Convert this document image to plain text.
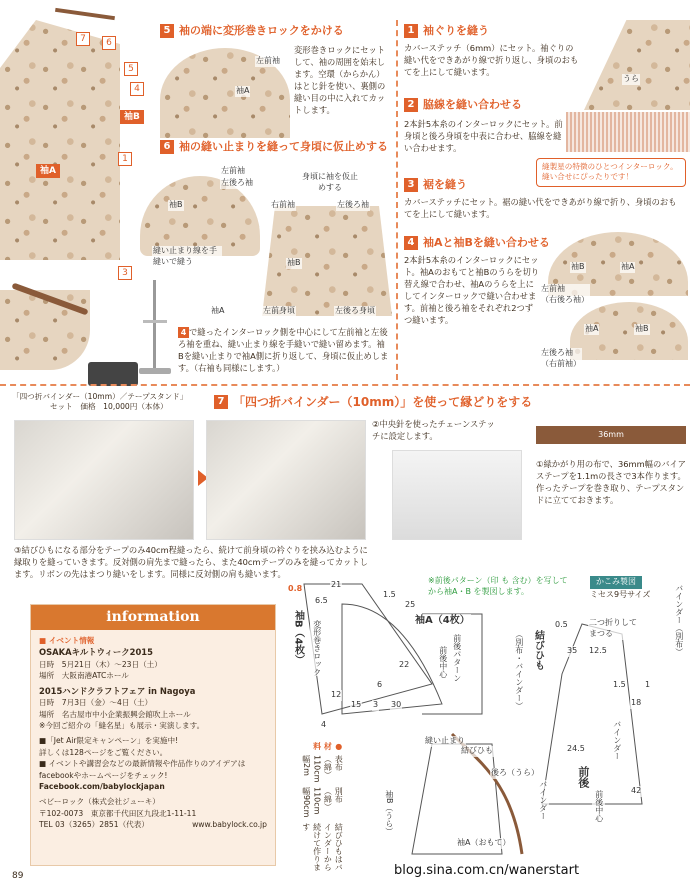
7	6
5
4
袖B
1
袖A
3
5 袖の端に変形巻きロックをかける
左前袖
袖A
変形巻きロックにセットして、袖の周囲を始末します。空環（からかん）はとじ針を使い、裏側の縫い目の中に入れてカットします。
6 袖の縫い止まりを縫って身頃に仮止めする
左前袖
左後ろ袖
袖B
縫い止まり線を手縫いで縫う
身頃に袖を仮止めする
右前袖	左後ろ袖
袖B
袖A	左前身頃	左後ろ身頃
「四つ折バインダー（10mm）／テープスタンド」
セット　価格　10,000円（本体）
4 で縫ったインターロック側を中心にして左前袖と左後ろ袖を重ね、縫い止まり線を手縫いで縫い留めます。袖Bを縫い止まりで袖A側に折り返して、身頃に仮止めします。（右袖も同様にします。）
1 袖ぐりを縫う
カバーステッチ（6mm）にセット。袖ぐりの縫い代をできあがり線で折り返し、身頃のおもてを上にして縫います。
うら
2 脇線を縫い合わせる
2本針5本糸のインターロックにセット。前身頃と後ろ身頃を中表に合わせ、脇線を縫い合わせます。
縫製星の特徴のひとつインターロック。縫い合せにぴったりです！
3 裾を縫う
カバーステッチにセット。裾の縫い代をできあがり線で折り、身頃のおもてを上にして縫います。
4 袖Aと袖Bを縫い合わせる
2本針5本糸のインターロックにセット。袖Aのおもてと袖Bのうらを切り替え線で合わせ、袖Aのうらを上にしてインターロックで縫い合わせます。前袖と後ろ袖をそれぞれ2つずつ縫います。
袖B	袖A
左前袖
（右後ろ袖）
袖A	袖B
左後ろ袖
（右前袖）
7 「四つ折バインダー（10mm）」を使って縁どりをする
②中央針を使ったチェーンステッチに設定します。	36mm
①緑かがり用の布で、36mm幅のバイアステープを1.1mの長さで3本作ります。作ったテープを巻き取り、テープスタンドに立てておきます。
③結びひもになる部分をテープのみ40cm程縫ったら、続けて前身頃の衿ぐりを挟み込むように縁取りを縫っていきます。反対側の肩先まで縫ったら、また40cmテープのみを縫ってカットします。リボンの先はまつり縫いをします。同様に反対側の肩も縫います。
information
■ イベント情報
OSAKAキルトウィーク2015
日時　5月21日（木）〜23日（土）
場所　大阪南港ATCホール
2015ハンドクラフトフェア in Nagoya
日時　7月3日（金）〜4日（土）
場所　名古屋市中小企業振興会館吹上ホール
※今回ご紹介の「縫名星」も展示・実演します。
■「Jet Air限定キャンペーン」を実施中!
詳しくは128ページをご覧ください。
■ イベントや講習会などの最新情報や作品作りのアイデアはfacebookやホームページをチェック!
Facebook.com/babylockjapan
ベビーロック（株式会社ジューキ）
〒102-0073　東京都千代田区九段北1-11-11
TEL 03（3265）2851（代表）	www.babylock.co.jp
89
※前後パターン（印 も 含む）を写してから袖A・B を製図します。
かこみ製図
ミセス9号サイズ
0.8	21
6.5
1.5
25
22
12
6
3
15	30
4
0.5
35 12.5
18
24.5
42
1.5 1
袖B（4枚）	変形巻きロック	袖A（4枚）
前後パターン
前後中心	結びひも
（別布・バインダー）
二つ折りしてまつる	バインダー（別布）
バインダー
前後
前後中心
バインダー
縫い止まり
結びひも
後ろ（うら）
袖A（おもて）
袖B（うら）
●材料
表布（綿）110cm幅2m
別布（綿）110cm幅90cm
結びひもはバインダーから続けて作ります
blog.sina.com.cn/wanerstart
